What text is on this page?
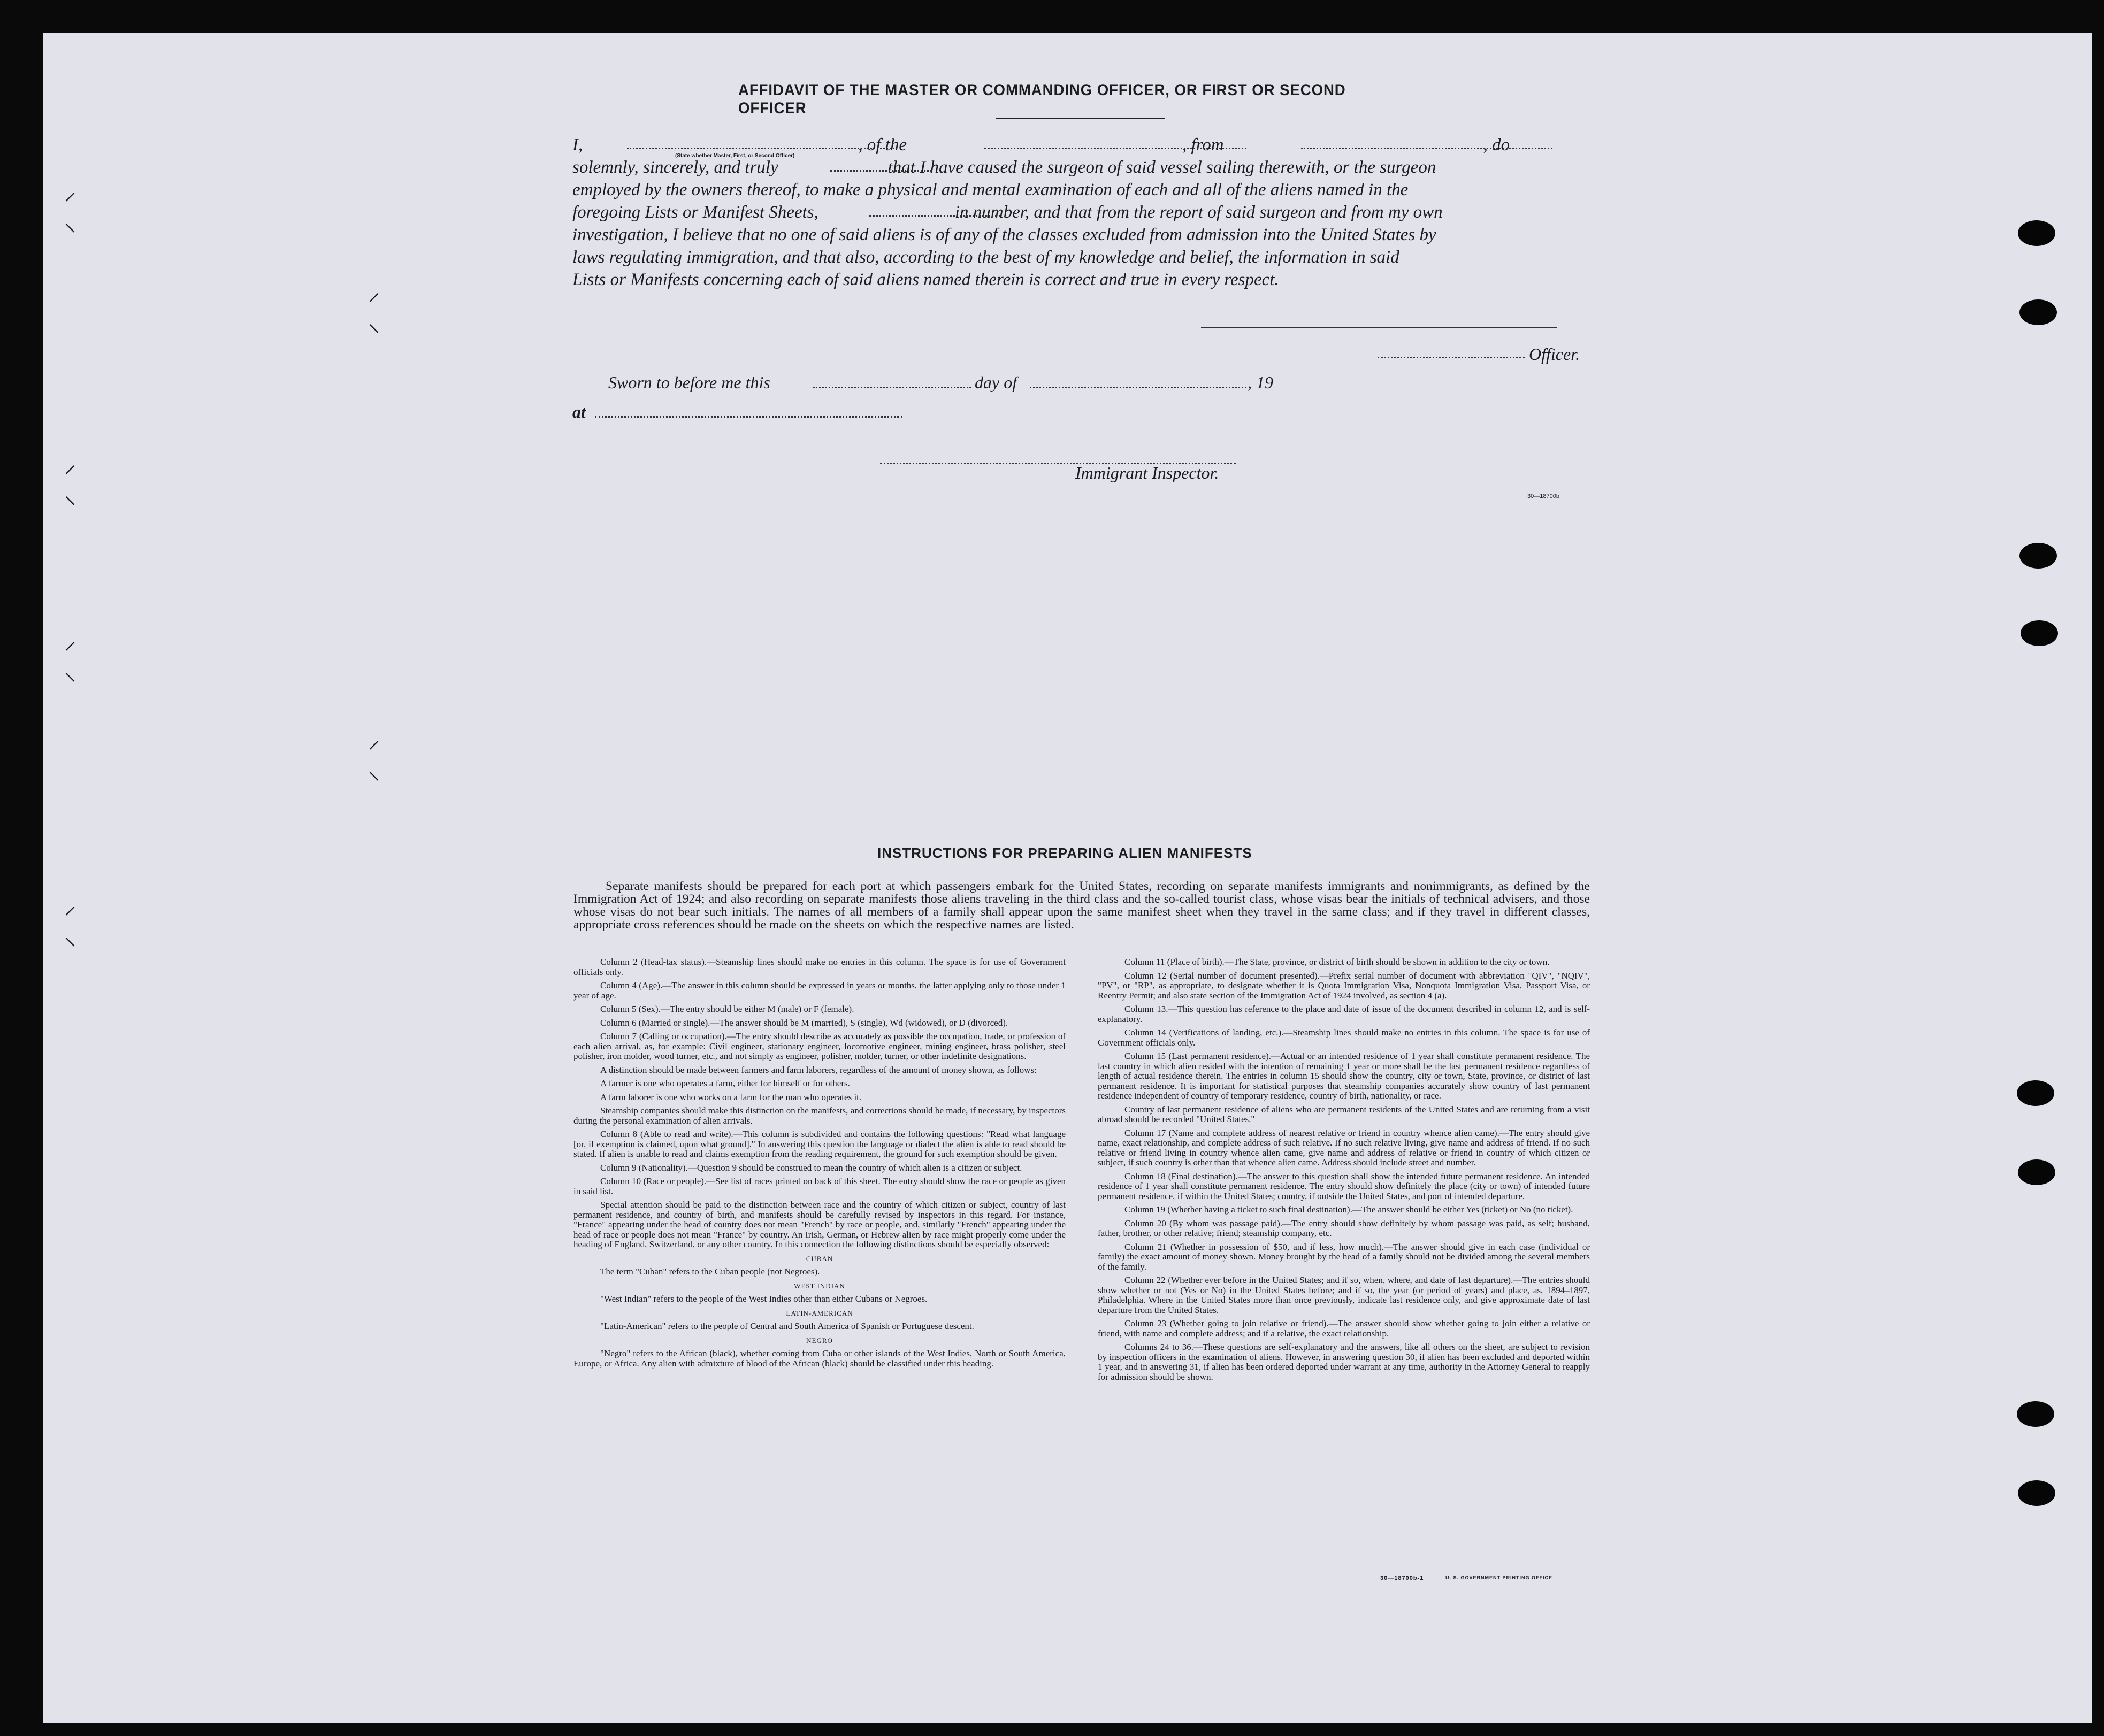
⸝
⸜
⸝
⸜
⸝
⸜
⸝
⸜
⸝
⸜
⸝
⸜
AFFIDAVIT OF THE MASTER OR COMMANDING OFFICER, OR FIRST OR SECOND OFFICER

I,	, of the	, from	, do

solemnly, sincerely, and truly	that I have caused the surgeon of said vessel sailing therewith, or the surgeon

employed by the owners thereof, to make a physical and mental examination of each and all of the aliens named in the

foregoing Lists or Manifest Sheets,	in number, and that from the report of said surgeon and from my own

investigation, I believe that no one of said aliens is of any of the classes excluded from admission into the United States by

laws regulating immigration, and that also, according to the best of my knowledge and belief, the information in said

Lists or Manifests concerning each of said aliens named therein is correct and true in every respect.

(State whether Master, First, or Second Officer)
Officer.
Sworn to before me this	day of	, 19
at
Immigrant Inspector.
30—18700b
INSTRUCTIONS FOR PREPARING ALIEN MANIFESTS
Separate manifests should be prepared for each port at which passengers embark for the United States, recording on separate manifests immigrants and nonimmigrants, as defined by the Immigration Act of 1924; and also recording on separate manifests those aliens traveling in the third class and the so-called tourist class, whose visas bear the initials of technical advisers, and those whose visas do not bear such initials. The names of all members of a family shall appear upon the same manifest sheet when they travel in the same class; and if they travel in different classes, appropriate cross references should be made on the sheets on which the respective names are listed.

Column 2 (Head-tax status).—Steamship lines should make no entries in this column. The space is for use of Government officials only.

Column 4 (Age).—The answer in this column should be expressed in years or months, the latter applying only to those under 1 year of age.

Column 5 (Sex).—The entry should be either M (male) or F (female).

Column 6 (Married or single).—The answer should be M (married), S (single), Wd (widowed), or D (divorced).

Column 7 (Calling or occupation).—The entry should describe as accurately as possible the occupation, trade, or profession of each alien arrival, as, for example: Civil engineer, stationary engineer, locomotive engineer, mining engineer, brass polisher, steel polisher, iron molder, wood turner, etc., and not simply as engineer, polisher, molder, turner, or other indefinite designations.

A distinction should be made between farmers and farm laborers, regardless of the amount of money shown, as follows:

A farmer is one who operates a farm, either for himself or for others.

A farm laborer is one who works on a farm for the man who operates it.

Steamship companies should make this distinction on the manifests, and corrections should be made, if necessary, by inspectors during the personal examination of alien arrivals.

Column 8 (Able to read and write).—This column is subdivided and contains the following questions: "Read what language [or, if exemption is claimed, upon what ground]." In answering this question the language or dialect the alien is able to read should be stated. If alien is unable to read and claims exemption from the reading requirement, the ground for such exemption should be given.

Column 9 (Nationality).—Question 9 should be construed to mean the country of which alien is a citizen or subject.

Column 10 (Race or people).—See list of races printed on back of this sheet. The entry should show the race or people as given in said list.

Special attention should be paid to the distinction between race and the country of which citizen or subject, country of last permanent residence, and country of birth, and manifests should be carefully revised by inspectors in this regard. For instance, "France" appearing under the head of country does not mean "French" by race or people, and, similarly "French" appearing under the head of race or people does not mean "France" by country. An Irish, German, or Hebrew alien by race might properly come under the heading of England, Switzerland, or any other country. In this connection the following distinctions should be especially observed:

CUBAN

The term "Cuban" refers to the Cuban people (not Negroes).

WEST INDIAN

"West Indian" refers to the people of the West Indies other than either Cubans or Negroes.

LATIN-AMERICAN

"Latin-American" refers to the people of Central and South America of Spanish or Portuguese descent.

NEGRO

"Negro" refers to the African (black), whether coming from Cuba or other islands of the West Indies, North or South America, Europe, or Africa. Any alien with admixture of blood of the African (black) should be classified under this heading.

Column 11 (Place of birth).—The State, province, or district of birth should be shown in addition to the city or town.

Column 12 (Serial number of document presented).—Prefix serial number of document with abbreviation "QIV", "NQIV", "PV", or "RP", as appropriate, to designate whether it is Quota Immigration Visa, Nonquota Immigration Visa, Passport Visa, or Reentry Permit; and also state section of the Immigration Act of 1924 involved, as section 4 (a).

Column 13.—This question has reference to the place and date of issue of the document described in column 12, and is self-explanatory.

Column 14 (Verifications of landing, etc.).—Steamship lines should make no entries in this column. The space is for use of Government officials only.

Column 15 (Last permanent residence).—Actual or an intended residence of 1 year shall constitute permanent residence. The last country in which alien resided with the intention of remaining 1 year or more shall be the last permanent residence regardless of length of actual residence therein. The entries in column 15 should show the country, city or town, State, province, or district of last permanent residence. It is important for statistical purposes that steamship companies accurately show country of last permanent residence independent of country of temporary residence, country of birth, nationality, or race.

Country of last permanent residence of aliens who are permanent residents of the United States and are returning from a visit abroad should be recorded "United States."

Column 17 (Name and complete address of nearest relative or friend in country whence alien came).—The entry should give name, exact relationship, and complete address of such relative. If no such relative living, give name and address of friend. If no such relative or friend living in country whence alien came, give name and address of relative or friend in country of which citizen or subject, if such country is other than that whence alien came. Address should include street and number.

Column 18 (Final destination).—The answer to this question shall show the intended future permanent residence. An intended residence of 1 year shall constitute permanent residence. The entry should show definitely the place (city or town) of intended future permanent residence, if within the United States; country, if outside the United States, and port of intended departure.

Column 19 (Whether having a ticket to such final destination).—The answer should be either Yes (ticket) or No (no ticket).

Column 20 (By whom was passage paid).—The entry should show definitely by whom passage was paid, as self; husband, father, brother, or other relative; friend; steamship company, etc.

Column 21 (Whether in possession of $50, and if less, how much).—The answer should give in each case (individual or family) the exact amount of money shown. Money brought by the head of a family should not be divided among the several members of the family.

Column 22 (Whether ever before in the United States; and if so, when, where, and date of last departure).—The entries should show whether or not (Yes or No) in the United States before; and if so, the year (or period of years) and place, as, 1894–1897, Philadelphia. Where in the United States more than once previously, indicate last residence only, and give approximate date of last departure from the United States.

Column 23 (Whether going to join relative or friend).—The answer should show whether going to join either a relative or friend, with name and complete address; and if a relative, the exact relationship.

Columns 24 to 36.—These questions are self-explanatory and the answers, like all others on the sheet, are subject to revision by inspection officers in the examination of aliens. However, in answering question 30, if alien has been excluded and deported within 1 year, and in answering 31, if alien has been ordered deported under warrant at any time, authority in the Attorney General to reapply for admission should be shown.

30—18700b-1	U. S. GOVERNMENT PRINTING OFFICE
